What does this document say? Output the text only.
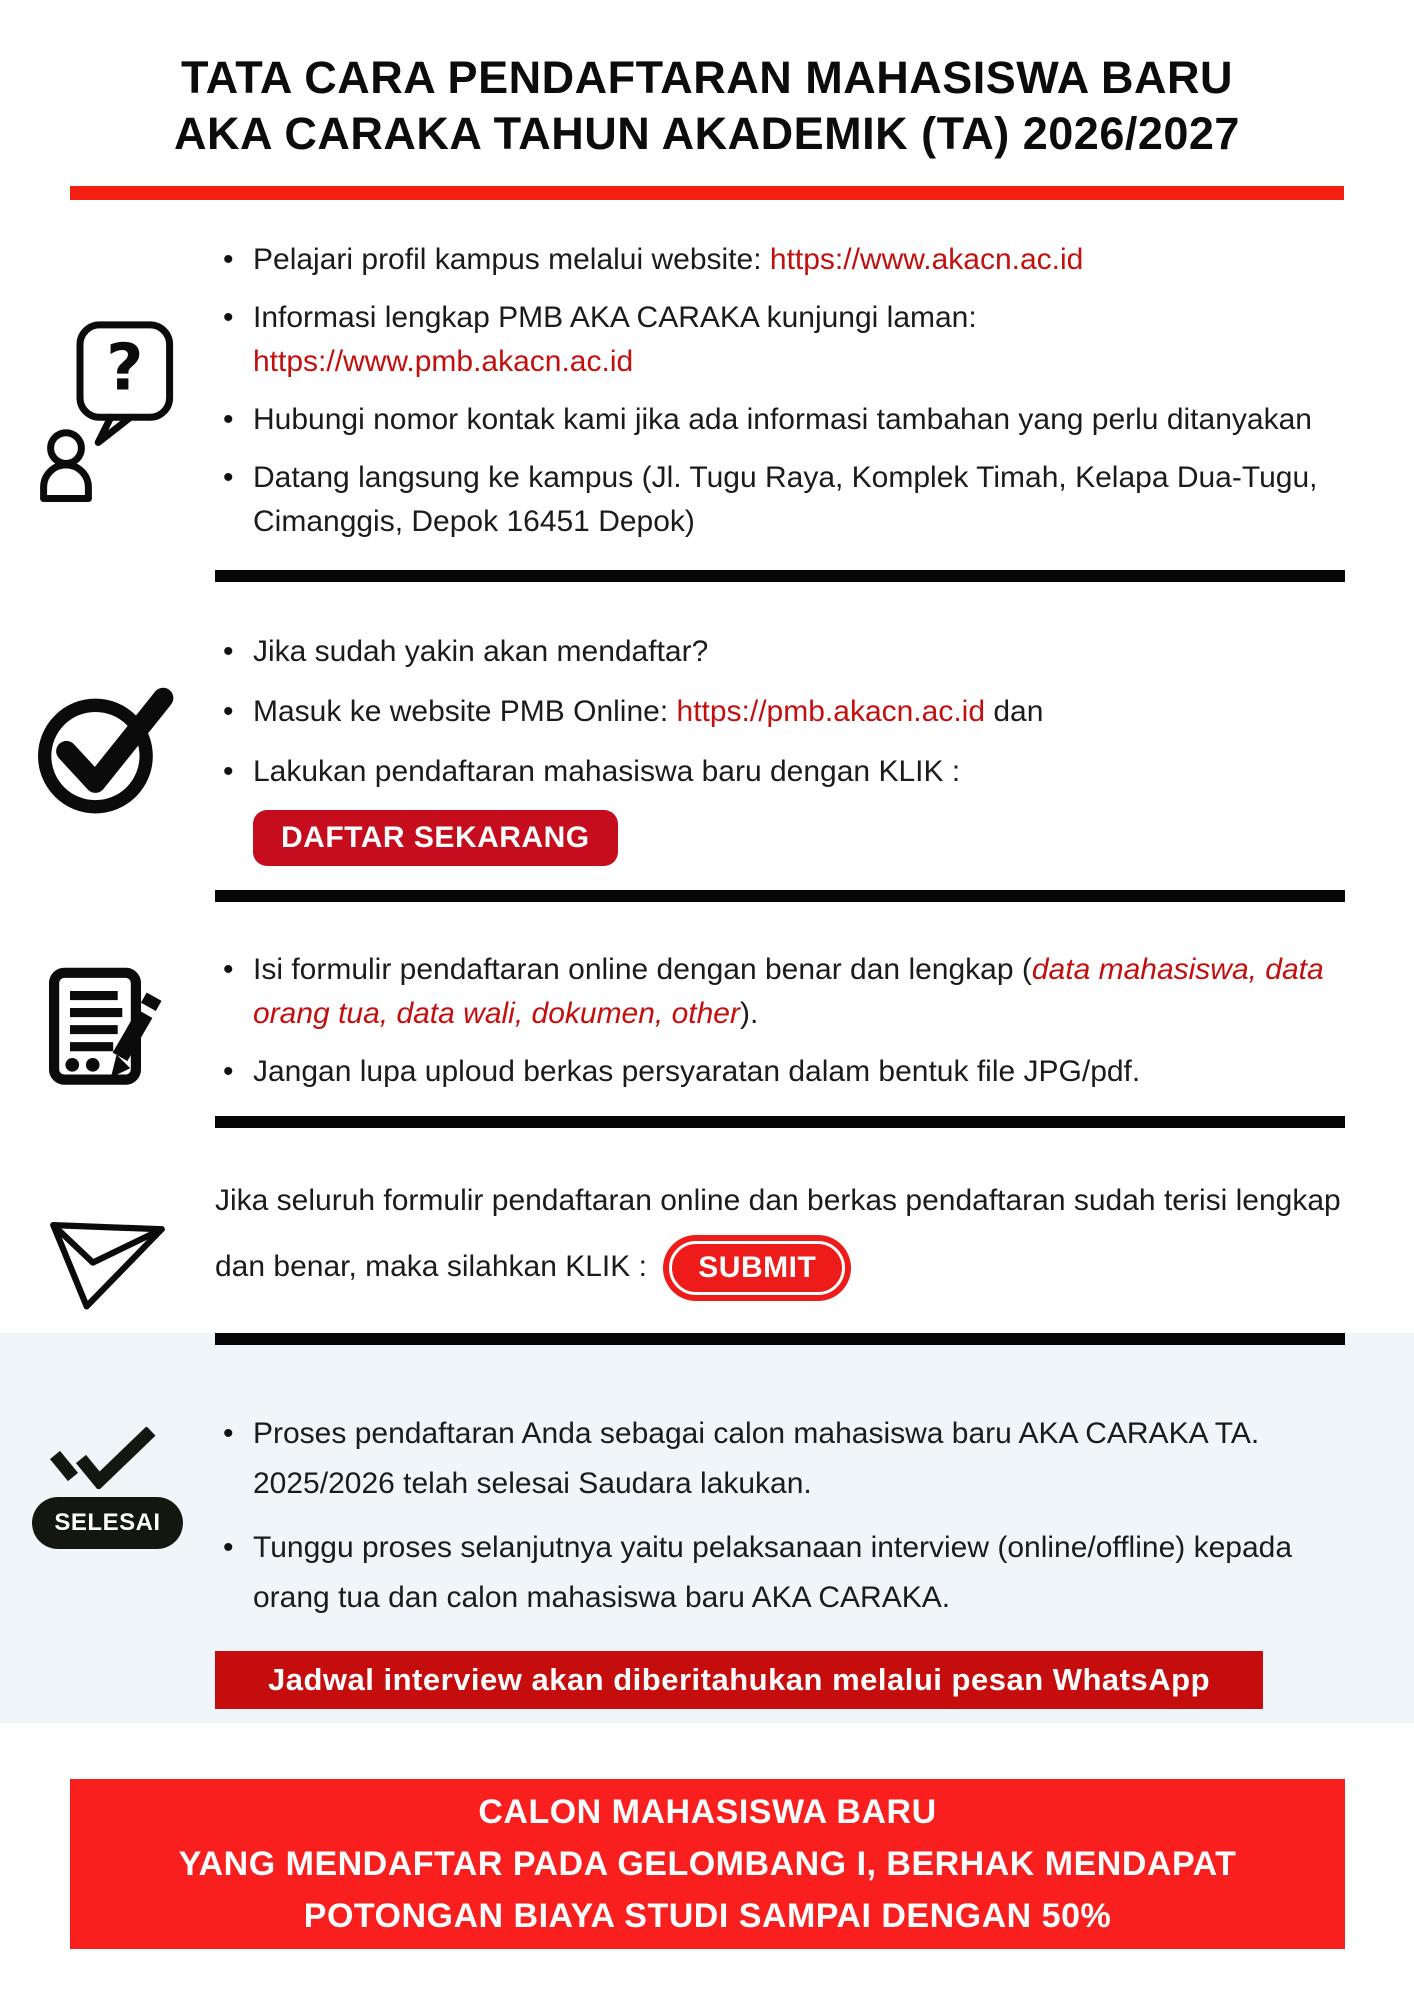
TATA CARA PENDAFTARAN MAHASISWA BARU
AKA CARAKA TAHUN AKADEMIK (TA) 2026/2027
?
• Pelajari profil kampus melalui website: https://www.akacn.ac.id
• Informasi lengkap PMB AKA CARAKA kunjungi laman:
https://www.pmb.akacn.ac.id
• Hubungi nomor kontak kami jika ada informasi tambahan yang perlu ditanyakan
• Datang langsung ke kampus (Jl. Tugu Raya, Komplek Timah, Kelapa Dua-Tugu, Cimanggis, Depok 16451 Depok)
• Jika sudah yakin akan mendaftar?
• Masuk ke website PMB Online: https://pmb.akacn.ac.id dan
• Lakukan pendaftaran mahasiswa baru dengan KLIK :
DAFTAR SEKARANG
• Isi formulir pendaftaran online dengan benar dan lengkap (data mahasiswa, data orang tua, data wali, dokumen, other).
• Jangan lupa uploud berkas persyaratan dalam bentuk file JPG/pdf.
Jika seluruh formulir pendaftaran online dan berkas pendaftaran sudah terisi lengkap dan benar, maka silahkan KLIK : SUBMIT
SELESAI
• Proses pendaftaran Anda sebagai calon mahasiswa baru AKA CARAKA TA. 2025/2026 telah selesai Saudara lakukan.
• Tunggu proses selanjutnya yaitu pelaksanaan interview (online/offline) kepada orang tua dan calon mahasiswa baru AKA CARAKA.
Jadwal interview akan diberitahukan melalui pesan WhatsApp
CALON MAHASISWA BARU
YANG MENDAFTAR PADA GELOMBANG I, BERHAK MENDAPAT
POTONGAN BIAYA STUDI SAMPAI DENGAN 50%
